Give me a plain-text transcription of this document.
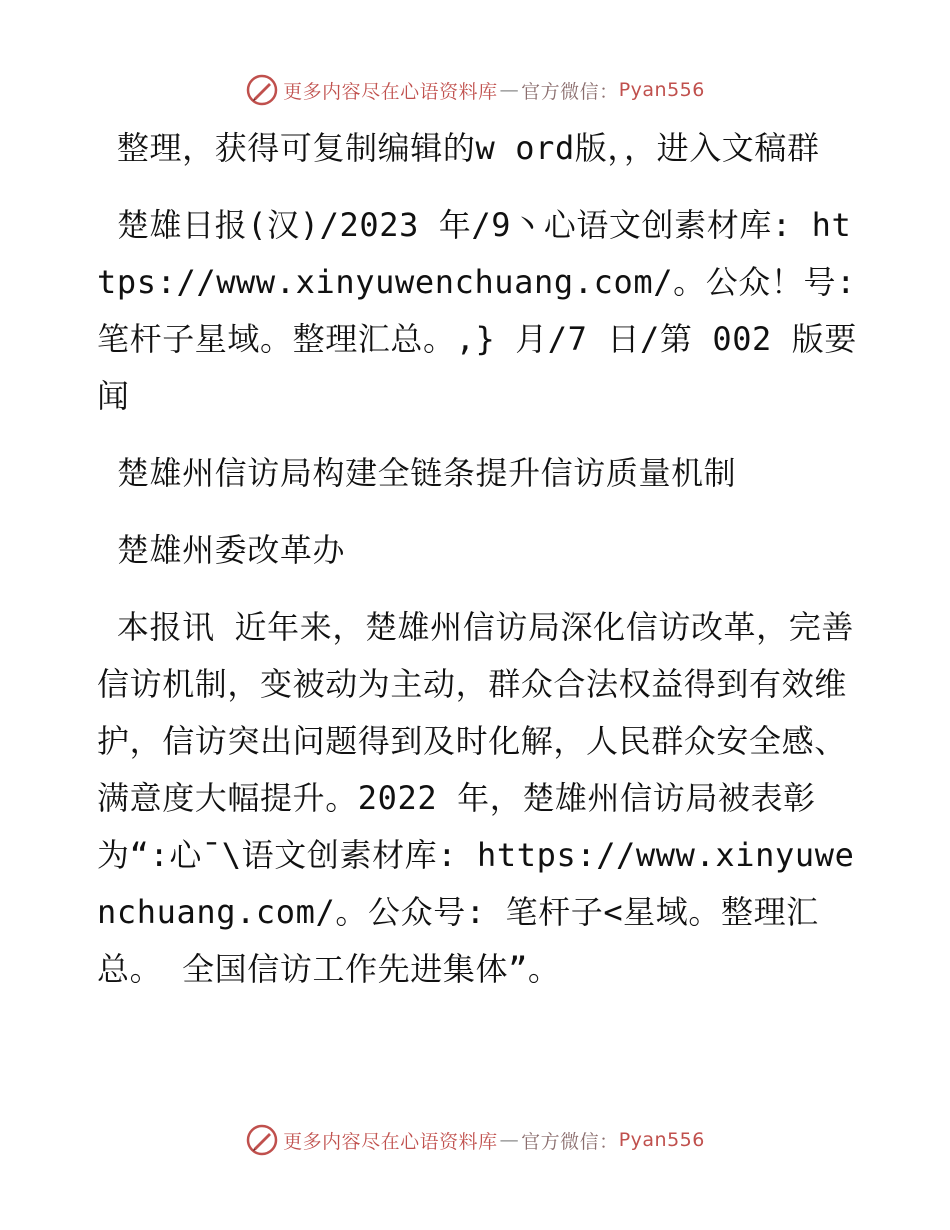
更多内容尽在心语资料库 — 官方微信： Pyan556

整理，获得可复制编辑的w ord版，，进入文稿群

楚雄日报(汉)/2023 年/9丶心语文创素材库: https://www.xinyuwenchuang.com/。公众！号: 笔杆子星域。整理汇总。,} 月/7 日/第 002 版要闻

楚雄州信访局构建全链条提升信访质量机制

楚雄州委改革办

本报讯 近年来，楚雄州信访局深化信访改革，完善信访机制，变被动为主动，群众合法权益得到有效维护，信访突出问题得到及时化解，人民群众安全感、满意度大幅提升。2022 年，楚雄州信访局被表彰为“:心¯\语文创素材库: https://www.xinyuwenchuang.com/。公众号: 笔杆子<星域。整理汇总。 全国信访工作先进集体”。

更多内容尽在心语资料库 — 官方微信： Pyan556
